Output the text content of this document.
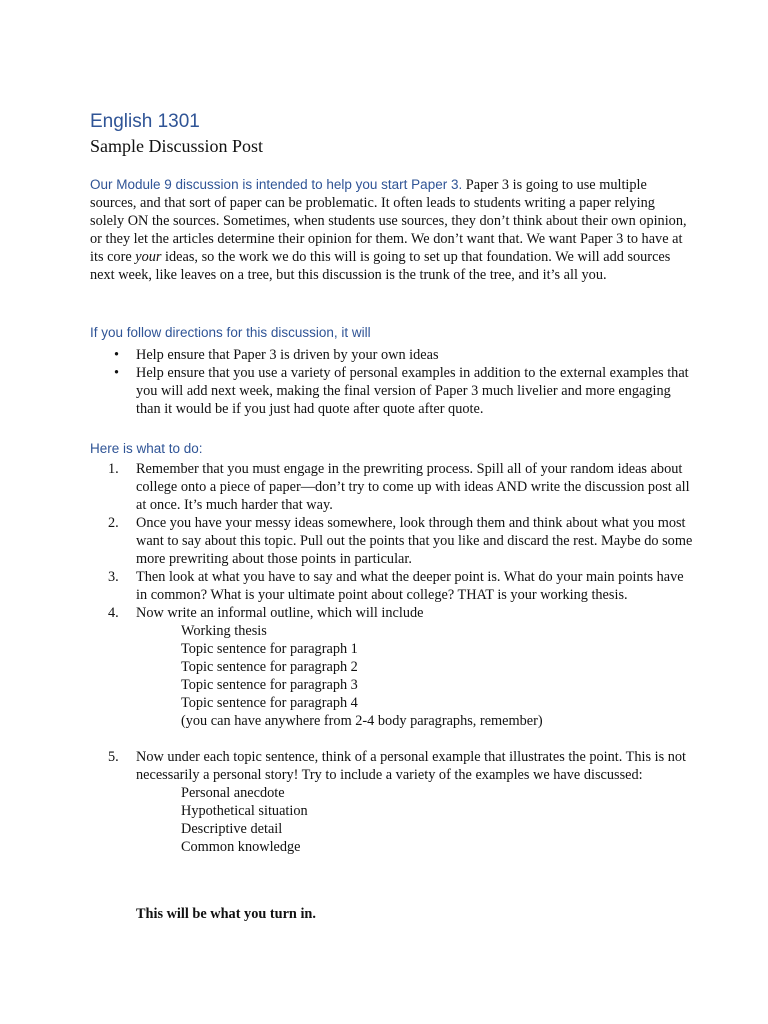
English 1301
Sample Discussion Post

Our Module 9 discussion is intended to help you start Paper 3. Paper 3 is going to use multiple sources, and that sort of paper can be problematic. It often leads to students writing a paper relying solely ON the sources. Sometimes, when students use sources, they don’t think about their own opinion, or they let the articles determine their opinion for them. We don’t want that. We want Paper 3 to have at its core your ideas, so the work we do this will is going to set up that foundation. We will add sources next week, like leaves on a tree, but this discussion is the trunk of the tree, and it’s all you.

If you follow directions for this discussion, it will
• Help ensure that Paper 3 is driven by your own ideas
• Help ensure that you use a variety of personal examples in addition to the external examples that you will add next week, making the final version of Paper 3 much livelier and more engaging than it would be if you just had quote after quote after quote.
Here is what to do:
1. Remember that you must engage in the prewriting process. Spill all of your random ideas about college onto a piece of paper—don’t try to come up with ideas AND write the discussion post all at once. It’s much harder that way.
2. Once you have your messy ideas somewhere, look through them and think about what you most want to say about this topic. Pull out the points that you like and discard the rest. Maybe do some more prewriting about those points in particular.
3. Then look at what you have to say and what the deeper point is. What do your main points have in common? What is your ultimate point about college? THAT is your working thesis.
4. Now write an informal outline, which will include
Working thesis
Topic sentence for paragraph 1
Topic sentence for paragraph 2
Topic sentence for paragraph 3
Topic sentence for paragraph 4
(you can have anywhere from 2-4 body paragraphs, remember)
5. Now under each topic sentence, think of a personal example that illustrates the point. This is not necessarily a personal story! Try to include a variety of the examples we have discussed:
Personal anecdote
Hypothetical situation
Descriptive detail
Common knowledge
This will be what you turn in.
